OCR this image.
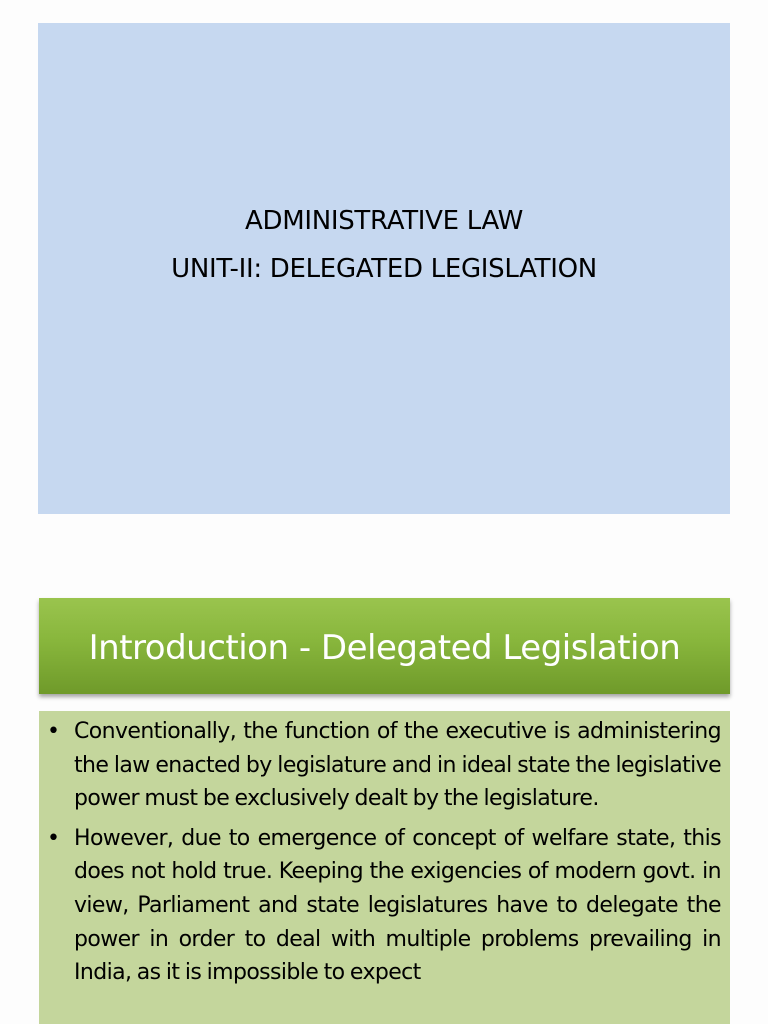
ADMINISTRATIVE LAW
UNIT-II: DELEGATED LEGISLATION
Introduction - Delegated Legislation
• Conventionally, the function of the executive is administering the law enacted by legislature and in ideal state the legislative power must be exclusively dealt by the legislature.
• However, due to emergence of concept of welfare state, this does not hold true. Keeping the exigencies of modern govt. in view, Parliament and state legislatures have to delegate the power in order to deal with multiple problems prevailing in India, as it is impossible to expect
